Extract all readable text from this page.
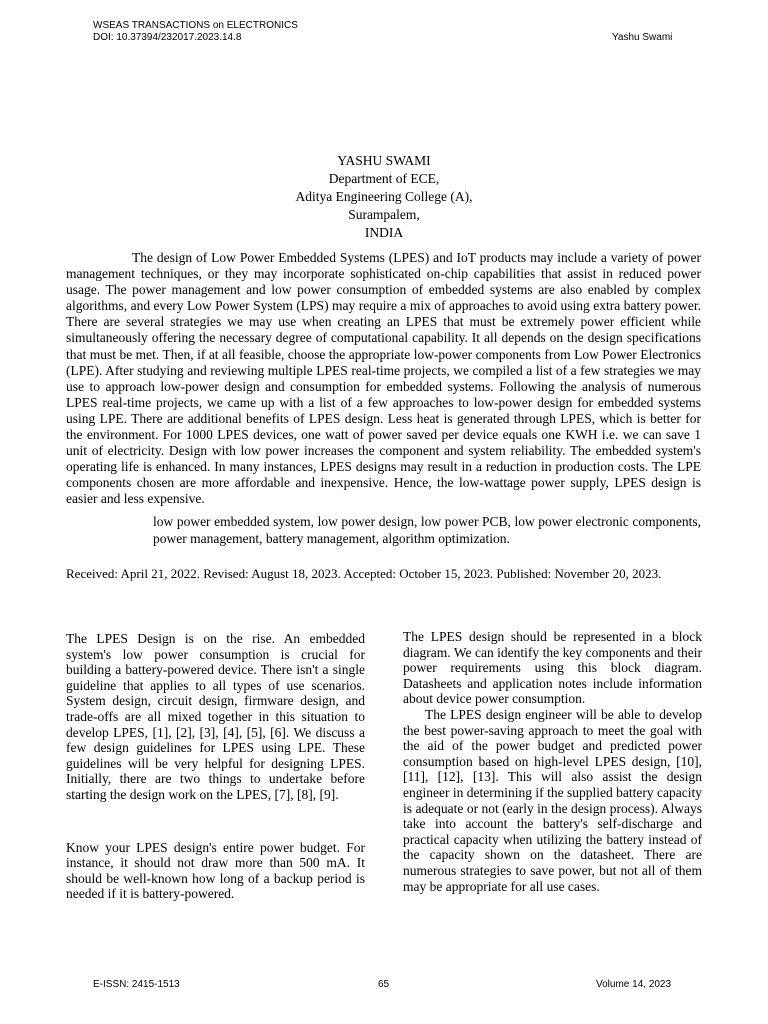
WSEAS TRANSACTIONS on ELECTRONICS
DOI: 10.37394/232017.2023.14.8	Yashu Swami
YASHU SWAMI
Department of ECE,
Aditya Engineering College (A),
Surampalem,
INDIA
The design of Low Power Embedded Systems (LPES) and IoT products may include a variety of power management techniques, or they may incorporate sophisticated on-chip capabilities that assist in reduced power usage. The power management and low power consumption of embedded systems are also enabled by complex algorithms, and every Low Power System (LPS) may require a mix of approaches to avoid using extra battery power. There are several strategies we may use when creating an LPES that must be extremely power efficient while simultaneously offering the necessary degree of computational capability. It all depends on the design specifications that must be met. Then, if at all feasible, choose the appropriate low-power components from Low Power Electronics (LPE). After studying and reviewing multiple LPES real-time projects, we compiled a list of a few strategies we may use to approach low-power design and consumption for embedded systems. Following the analysis of numerous LPES real-time projects, we came up with a list of a few approaches to low-power design for embedded systems using LPE. There are additional benefits of LPES design. Less heat is generated through LPES, which is better for the environment. For 1000 LPES devices, one watt of power saved per device equals one KWH i.e. we can save 1 unit of electricity. Design with low power increases the component and system reliability. The embedded system's operating life is enhanced. In many instances, LPES designs may result in a reduction in production costs. The LPE components chosen are more affordable and inexpensive. Hence, the low-wattage power supply, LPES design is easier and less expensive.
low power embedded system, low power design, low power PCB, low power electronic components, power management, battery management, algorithm optimization.
Received: April 21, 2022. Revised: August 18, 2023. Accepted: October 15, 2023. Published: November 20, 2023.

The LPES Design is on the rise. An embedded system's low power consumption is crucial for building a battery-powered device. There isn't a single guideline that applies to all types of use scenarios. System design, circuit design, firmware design, and trade-offs are all mixed together in this situation to develop LPES, [1], [2], [3], [4], [5], [6]. We discuss a few design guidelines for LPES using LPE. These guidelines will be very helpful for designing LPES. Initially, there are two things to undertake before starting the design work on the LPES, [7], [8], [9].

Know your LPES design's entire power budget. For instance, it should not draw more than 500 mA. It should be well-known how long of a backup period is needed if it is battery-powered.

The LPES design should be represented in a block diagram. We can identify the key components and their power requirements using this block diagram. Datasheets and application notes include information about device power consumption.

The LPES design engineer will be able to develop the best power-saving approach to meet the goal with the aid of the power budget and predicted power consumption based on high-level LPES design, [10], [11], [12], [13]. This will also assist the design engineer in determining if the supplied battery capacity is adequate or not (early in the design process). Always take into account the battery's self-discharge and practical capacity when utilizing the battery instead of the capacity shown on the datasheet. There are numerous strategies to save power, but not all of them may be appropriate for all use cases.

E-ISSN: 2415-1513	65	Volume 14, 2023
